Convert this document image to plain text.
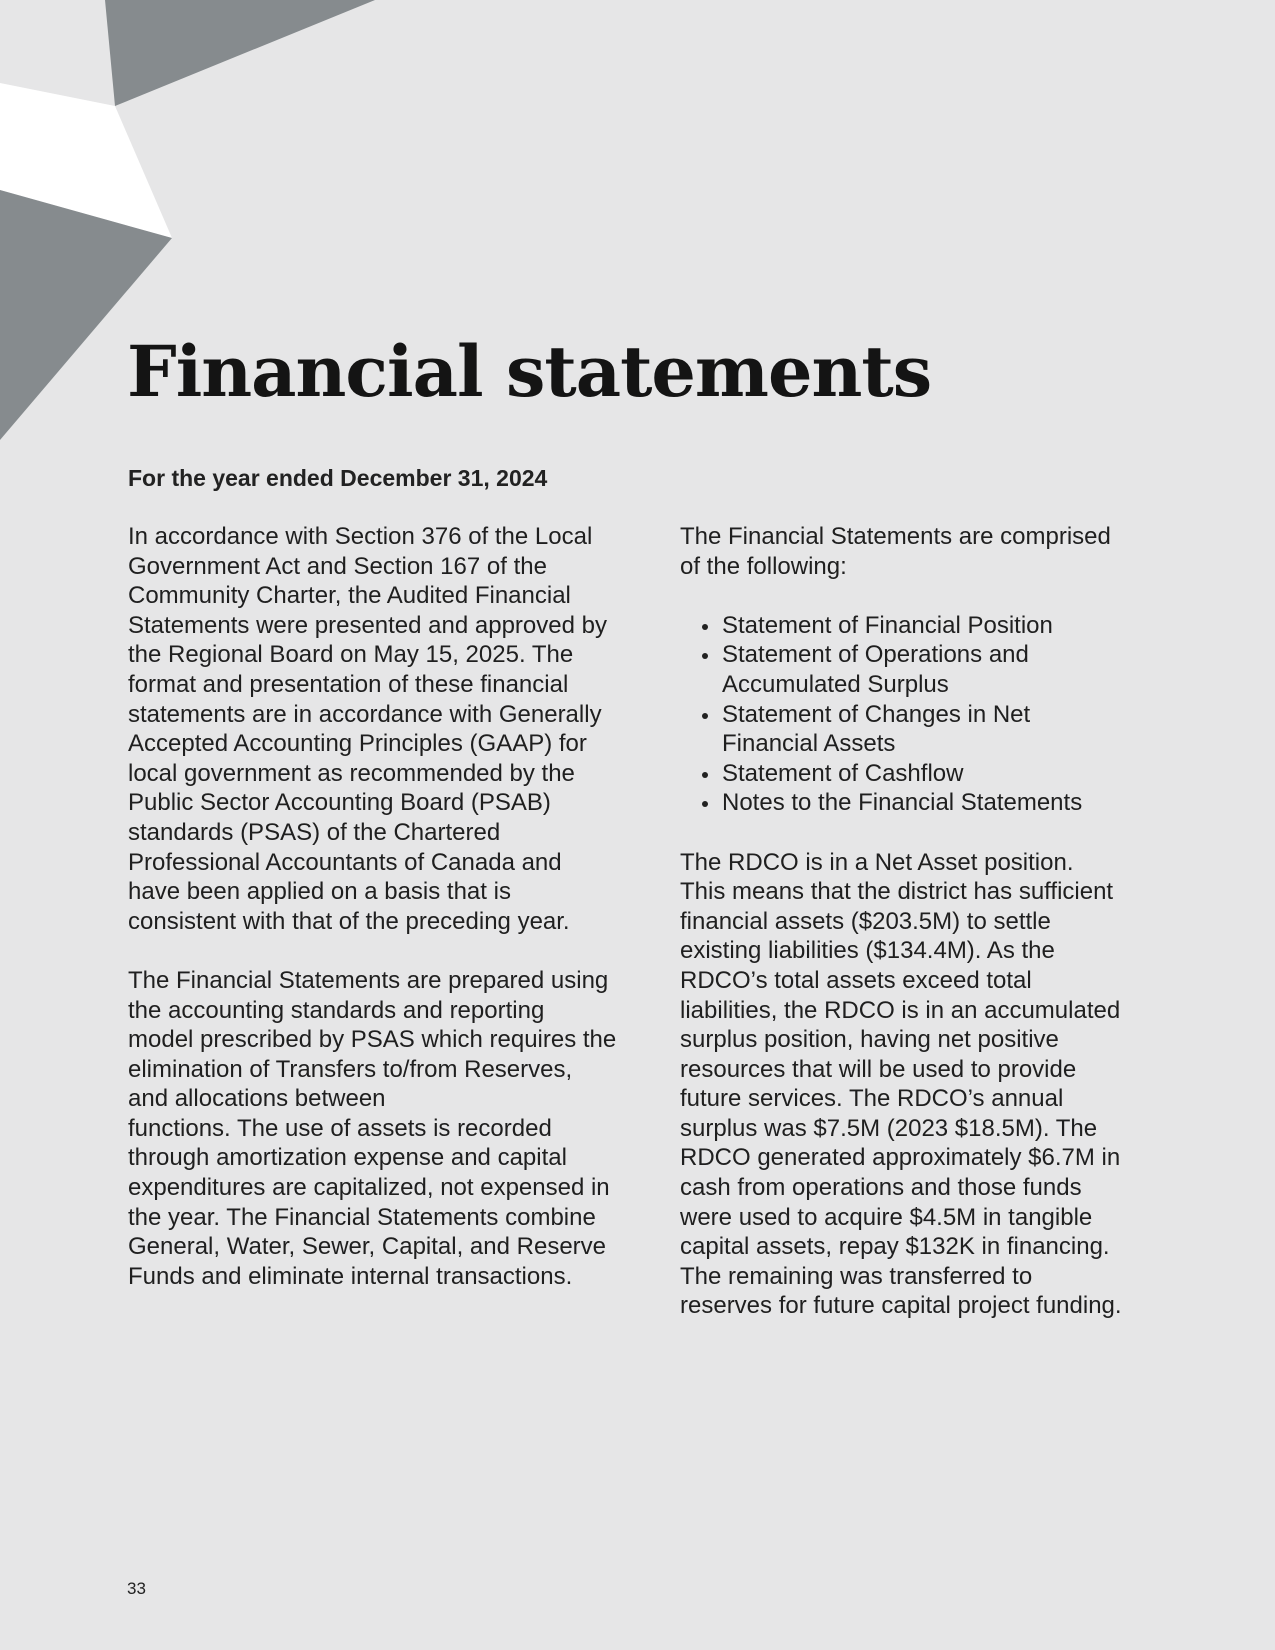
Financial statements
For the year ended December 31, 2024

In accordance with Section 376 of the Local
Government Act and Section 167 of the
Community Charter, the Audited Financial
Statements were presented and approved by
the Regional Board on May 15, 2025. The
format and presentation of these financial
statements are in accordance with Generally
Accepted Accounting Principles (GAAP) for
local government as recommended by the
Public Sector Accounting Board (PSAB)
standards (PSAS) of the Chartered
Professional Accountants of Canada and
have been applied on a basis that is
consistent with that of the preceding year.

The Financial Statements are prepared using
the accounting standards and reporting
model prescribed by PSAS which requires the
elimination of Transfers to/from Reserves,
and allocations between
functions. The use of assets is recorded
through amortization expense and capital
expenditures are capitalized, not expensed in
the year. The Financial Statements combine
General, Water, Sewer, Capital, and Reserve
Funds and eliminate internal transactions.

The Financial Statements are comprised
of the following:

Statement of Financial Position
Statement of Operations and
Accumulated Surplus
Statement of Changes in Net
Financial Assets
Statement of Cashflow
Notes to the Financial Statements

The RDCO is in a Net Asset position.
This means that the district has sufficient
financial assets ($203.5M) to settle
existing liabilities ($134.4M). As the
RDCO’s total assets exceed total
liabilities, the RDCO is in an accumulated
surplus position, having net positive
resources that will be used to provide
future services. The RDCO’s annual
surplus was $7.5M (2023 $18.5M). The
RDCO generated approximately $6.7M in
cash from operations and those funds
were used to acquire $4.5M in tangible
capital assets, repay $132K in financing.
The remaining was transferred to
reserves for future capital project funding.

33
